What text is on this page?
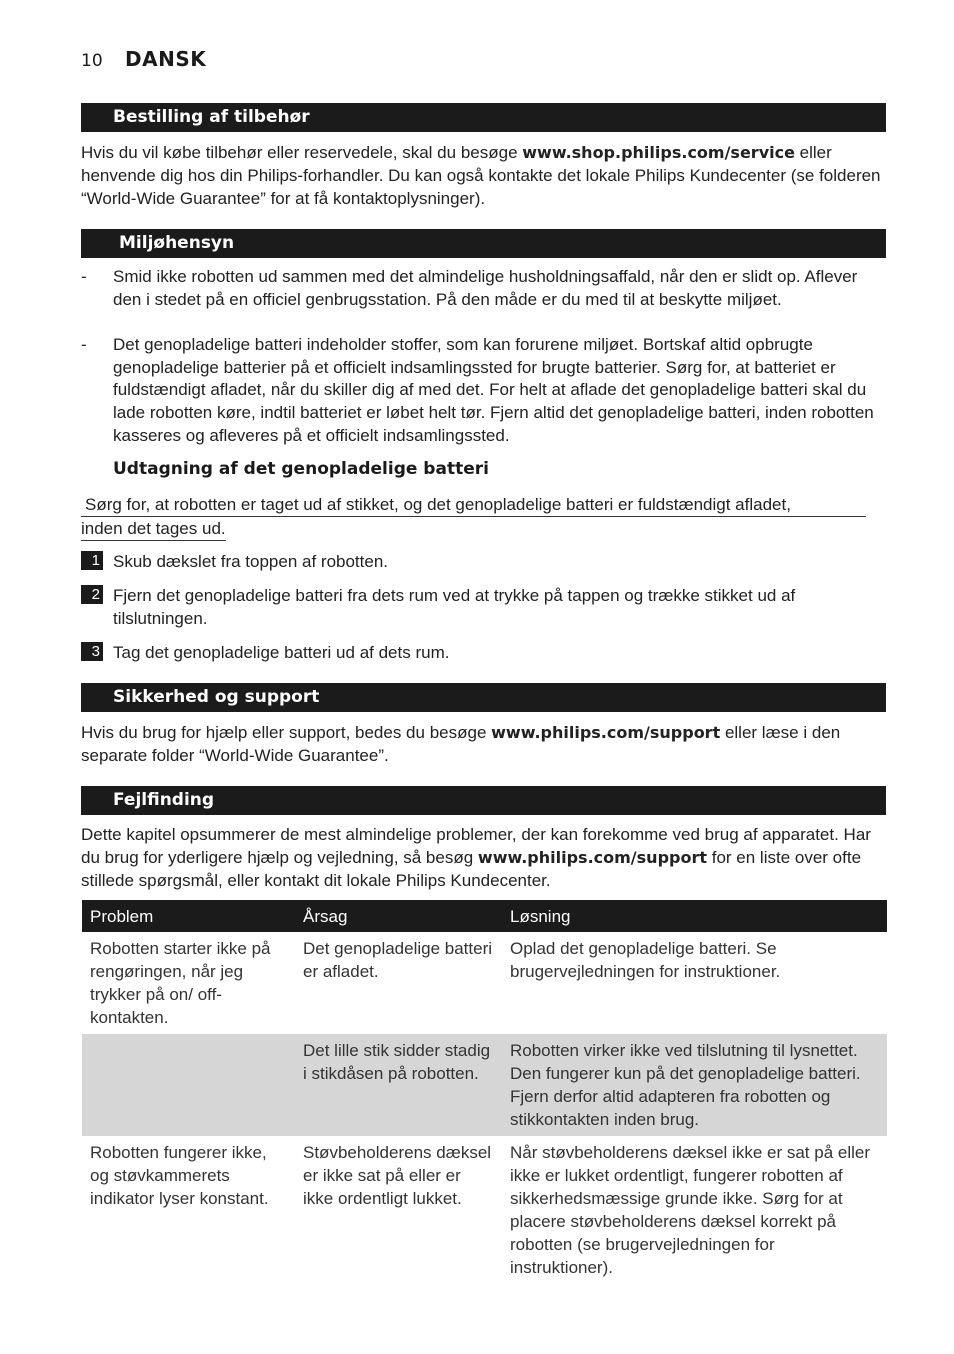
10 DANSK
Bestilling af tilbehør
Hvis du vil købe tilbehør eller reservedele, skal du besøge www.shop.philips.com/service eller henvende dig hos din Philips-forhandler. Du kan også kontakte det lokale Philips Kundecenter (se folderen “World-Wide Guarantee” for at få kontaktoplysninger).
Miljøhensyn
- Smid ikke robotten ud sammen med det almindelige husholdningsaffald, når den er slidt op. Aflever den i stedet på en officiel genbrugsstation. På den måde er du med til at beskytte miljøet.
- Det genopladelige batteri indeholder stoffer, som kan forurene miljøet. Bortskaf altid opbrugte genopladelige batterier på et officielt indsamlingssted for brugte batterier. Sørg for, at batteriet er fuldstændigt afladet, når du skiller dig af med det. For helt at aflade det genopladelige batteri skal du lade robotten køre, indtil batteriet er løbet helt tør. Fjern altid det genopladelige batteri, inden robotten kasseres og afleveres på et officielt indsamlingssted.
Udtagning af det genopladelige batteri
Sørg for, at robotten er taget ud af stikket, og det genopladelige batteri er fuldstændigt afladet,
inden det tages ud.
1 Skub dækslet fra toppen af robotten.
2 Fjern det genopladelige batteri fra dets rum ved at trykke på tappen og trække stikket ud af tilslutningen.
3 Tag det genopladelige batteri ud af dets rum.
Sikkerhed og support
Hvis du brug for hjælp eller support, bedes du besøge www.philips.com/support eller læse i den separate folder “World-Wide Guarantee”.
Fejlfinding
Dette kapitel opsummerer de mest almindelige problemer, der kan forekomme ved brug af apparatet. Har du brug for yderligere hjælp og vejledning, så besøg www.philips.com/support for en liste over ofte stillede spørgsmål, eller kontakt dit lokale Philips Kundecenter.
Problem	Årsag	Løsning
Robotten starter ikke på rengøringen, når jeg trykker på on/ off-kontakten.	Det genopladelige batteri er afladet.	Oplad det genopladelige batteri. Se brugervejledningen for instruktioner.
	Det lille stik sidder stadig i stikdåsen på robotten.	Robotten virker ikke ved tilslutning til lysnettet. Den fungerer kun på det genopladelige batteri. Fjern derfor altid adapteren fra robotten og stikkontakten inden brug.
Robotten fungerer ikke, og støvkammerets indikator lyser konstant.	Støvbeholderens dæksel er ikke sat på eller er ikke ordentligt lukket.	Når støvbeholderens dæksel ikke er sat på eller ikke er lukket ordentligt, fungerer robotten af sikkerhedsmæssige grunde ikke. Sørg for at placere støvbeholderens dæksel korrekt på robotten (se brugervejledningen for instruktioner).
